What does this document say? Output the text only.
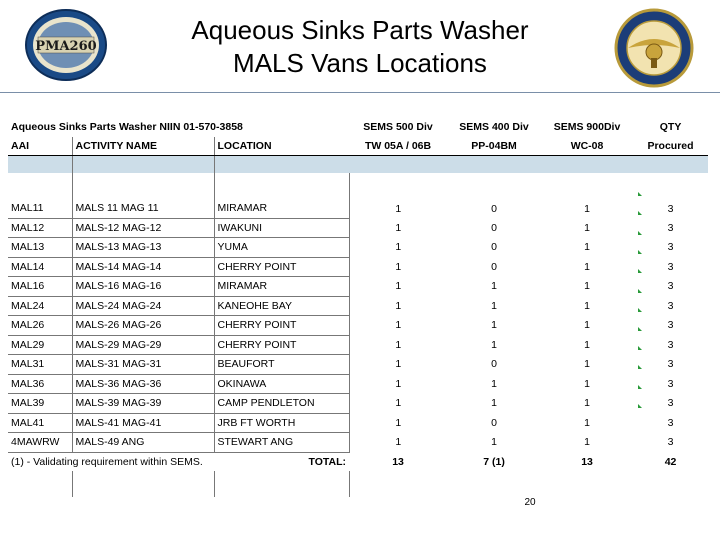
PMA260
Aqueous Sinks Parts Washer
MALS Vans Locations
Aqueous Sinks Parts Washer NIIN 01-570-3858			SEMS 500 Div	SEMS 400 Div	SEMS 900Div	QTY
AAI	ACTIVITY NAME	LOCATION	TW 05A / 06B	PP-04BM	WC-08	Procured

MAL11	MALS 11 MAG 11	MIRAMAR	1	0	1	3
MAL12	MALS-12 MAG-12	IWAKUNI	1	0	1	3
MAL13	MALS-13 MAG-13	YUMA	1	0	1	3
MAL14	MALS-14 MAG-14	CHERRY POINT	1	0	1	3
MAL16	MALS-16 MAG-16	MIRAMAR	1	1	1	3
MAL24	MALS-24 MAG-24	KANEOHE BAY	1	1	1	3
MAL26	MALS-26 MAG-26	CHERRY POINT	1	1	1	3
MAL29	MALS-29 MAG-29	CHERRY POINT	1	1	1	3
MAL31	MALS-31 MAG-31	BEAUFORT	1	0	1	3
MAL36	MALS-36 MAG-36	OKINAWA	1	1	1	3
MAL39	MALS-39 MAG-39	CAMP PENDLETON	1	1	1	3
MAL41	MALS-41 MAG-41	JRB FT WORTH	1	0	1	3
4MAWRW	MALS-49 ANG	STEWART ANG	1	1	1	3
(1) - Validating requirement within SEMS. TOTAL:			13	7 (1)	13	42

20
